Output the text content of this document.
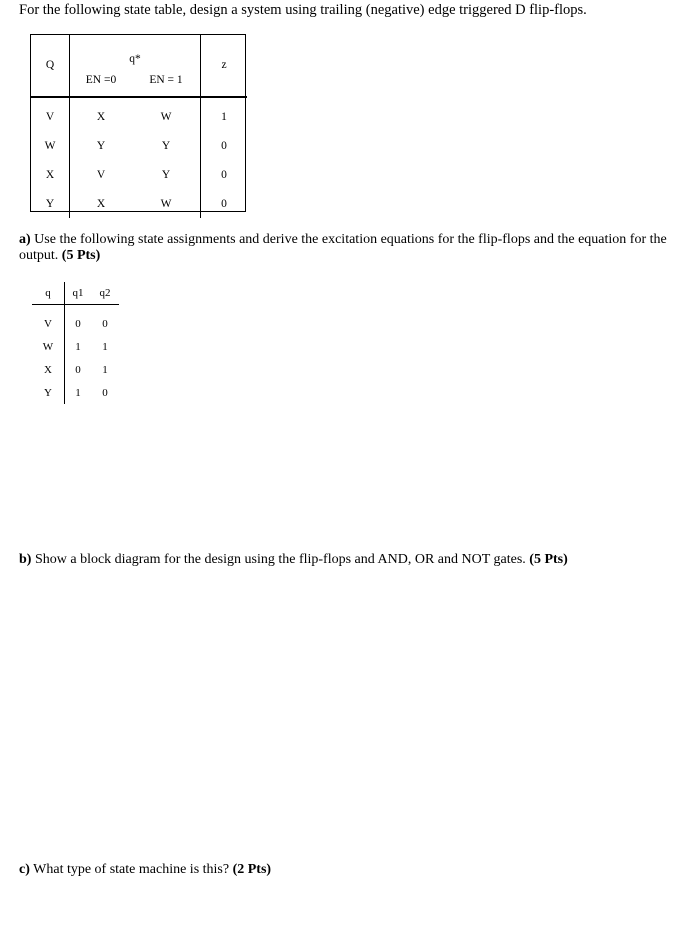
For the following state table, design a system using trailing (negative) edge triggered D flip-flops.
Q	q*		z
	EN =0	EN = 1	
V	X	W	1
W	Y	Y	0
X	V	Y	0
Y	X	W	0
a) Use the following state assignments and derive the excitation equations for the flip-flops and the equation for the output. (5 Pts)
q	q1	q2

V	0	0
W	1	1
X	0	1
Y	1	0
b) Show a block diagram for the design using the flip-flops and AND, OR and NOT gates. (5 Pts)
c) What type of state machine is this? (2 Pts)
